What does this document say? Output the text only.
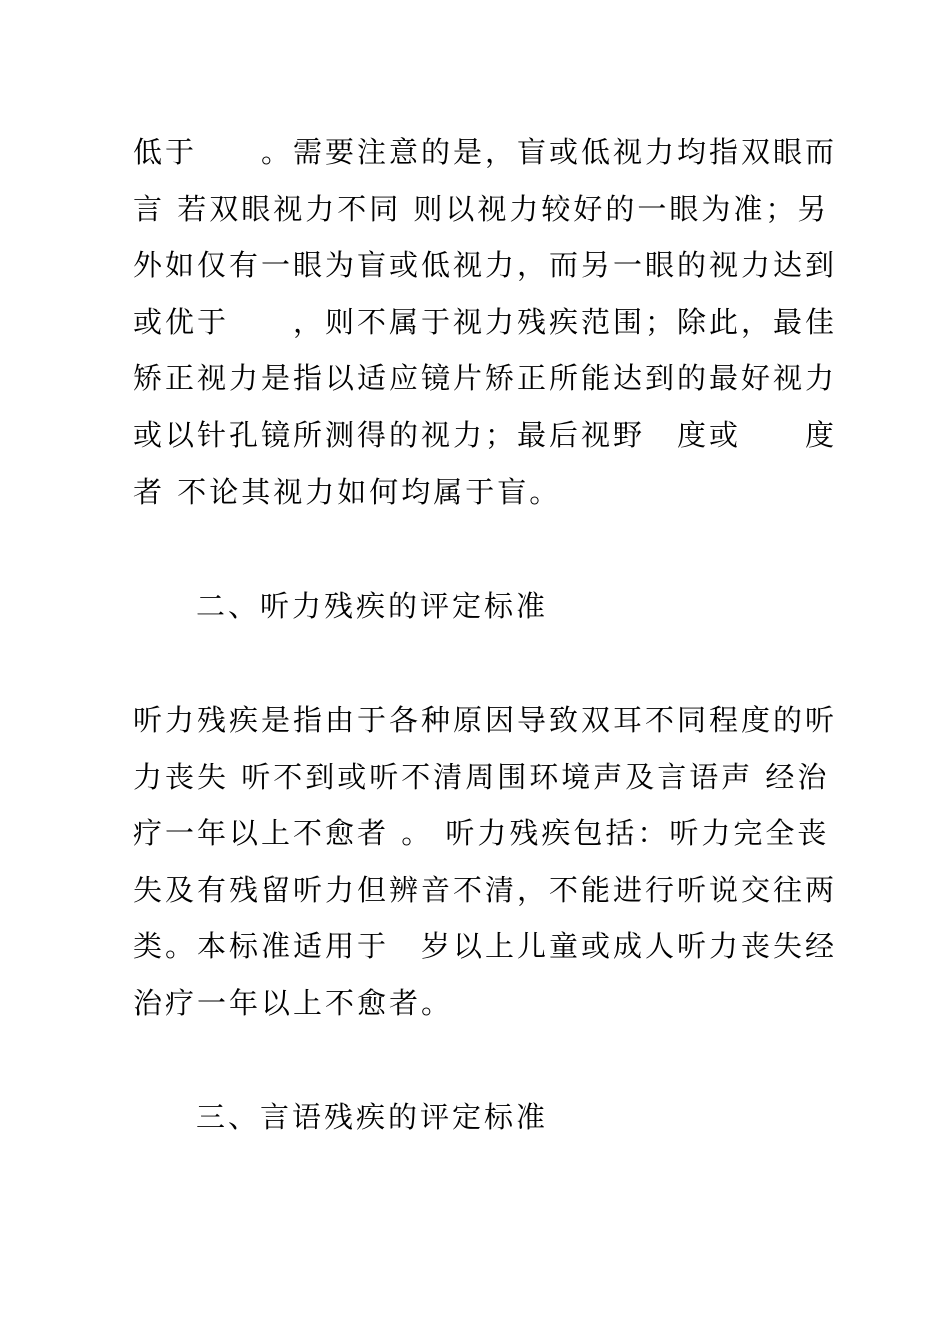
低于　　。需要注意的是，盲或低视力均指双眼而
言 若双眼视力不同 则以视力较好的一眼为准；另
外如仅有一眼为盲或低视力，而另一眼的视力达到
或优于　　，则不属于视力残疾范围；除此，最佳
矫正视力是指以适应镜片矫正所能达到的最好视力
或以针孔镜所测得的视力；最后视野　度或　　度
者 不论其视力如何均属于盲。
二、听力残疾的评定标准
听力残疾是指由于各种原因导致双耳不同程度的听
力丧失 听不到或听不清周围环境声及言语声 经治
疗一年以上不愈者 。 听力残疾包括：听力完全丧
失及有残留听力但辨音不清，不能进行听说交往两
类。本标准适用于　岁以上儿童或成人听力丧失经
治疗一年以上不愈者。
三、言语残疾的评定标准
